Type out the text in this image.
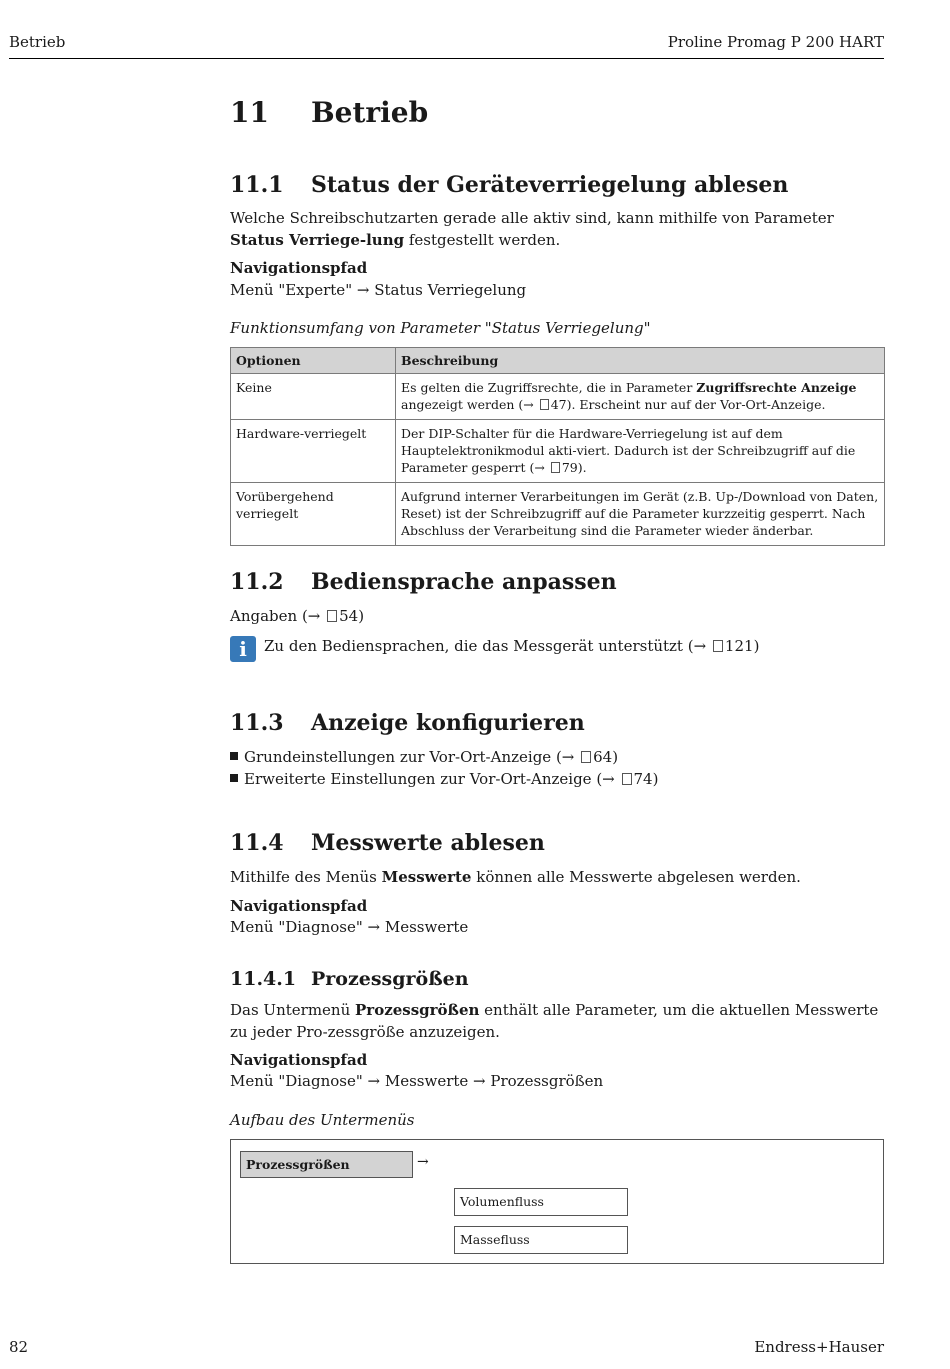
Betrieb	Proline Promag P 200 HART
11 Betrieb
11.1 Status der Geräteverriegelung ablesen
Welche Schreibschutzarten gerade alle aktiv sind, kann mithilfe von Parameter Status Verriege-lung festgestellt werden.
Navigationspfad
Menü "Experte" → Status Verriegelung
Funktionsumfang von Parameter "Status Verriegelung"
Optionen	Beschreibung
Keine	Es gelten die Zugriffsrechte, die in Parameter Zugriffsrechte Anzeige angezeigt werden (→ 47). Erscheint nur auf der Vor-Ort-Anzeige.
Hardware-verriegelt	Der DIP-Schalter für die Hardware-Verriegelung ist auf dem Hauptelektronikmodul akti-viert. Dadurch ist der Schreibzugriff auf die Parameter gesperrt (→ 79).
Vorübergehend verriegelt	Aufgrund interner Verarbeitungen im Gerät (z.B. Up-/Download von Daten, Reset) ist der Schreibzugriff auf die Parameter kurzzeitig gesperrt. Nach Abschluss der Verarbeitung sind die Parameter wieder änderbar.
11.2 Bediensprache anpassen
Angaben (→ 54)
i	Zu den Bediensprachen, die das Messgerät unterstützt (→ 121)
11.3 Anzeige konfigurieren
Grundeinstellungen zur Vor-Ort-Anzeige (→ 64)
Erweiterte Einstellungen zur Vor-Ort-Anzeige (→ 74)
11.4 Messwerte ablesen
Mithilfe des Menüs Messwerte können alle Messwerte abgelesen werden.
Navigationspfad
Menü "Diagnose" → Messwerte
11.4.1 Prozessgrößen
Das Untermenü Prozessgrößen enthält alle Parameter, um die aktuellen Messwerte zu jeder Pro-zessgröße anzuzeigen.
Navigationspfad
Menü "Diagnose" → Messwerte → Prozessgrößen
Aufbau des Untermenüs
Prozessgrößen	→
Volumenfluss
Massefluss
82	Endress+Hauser
